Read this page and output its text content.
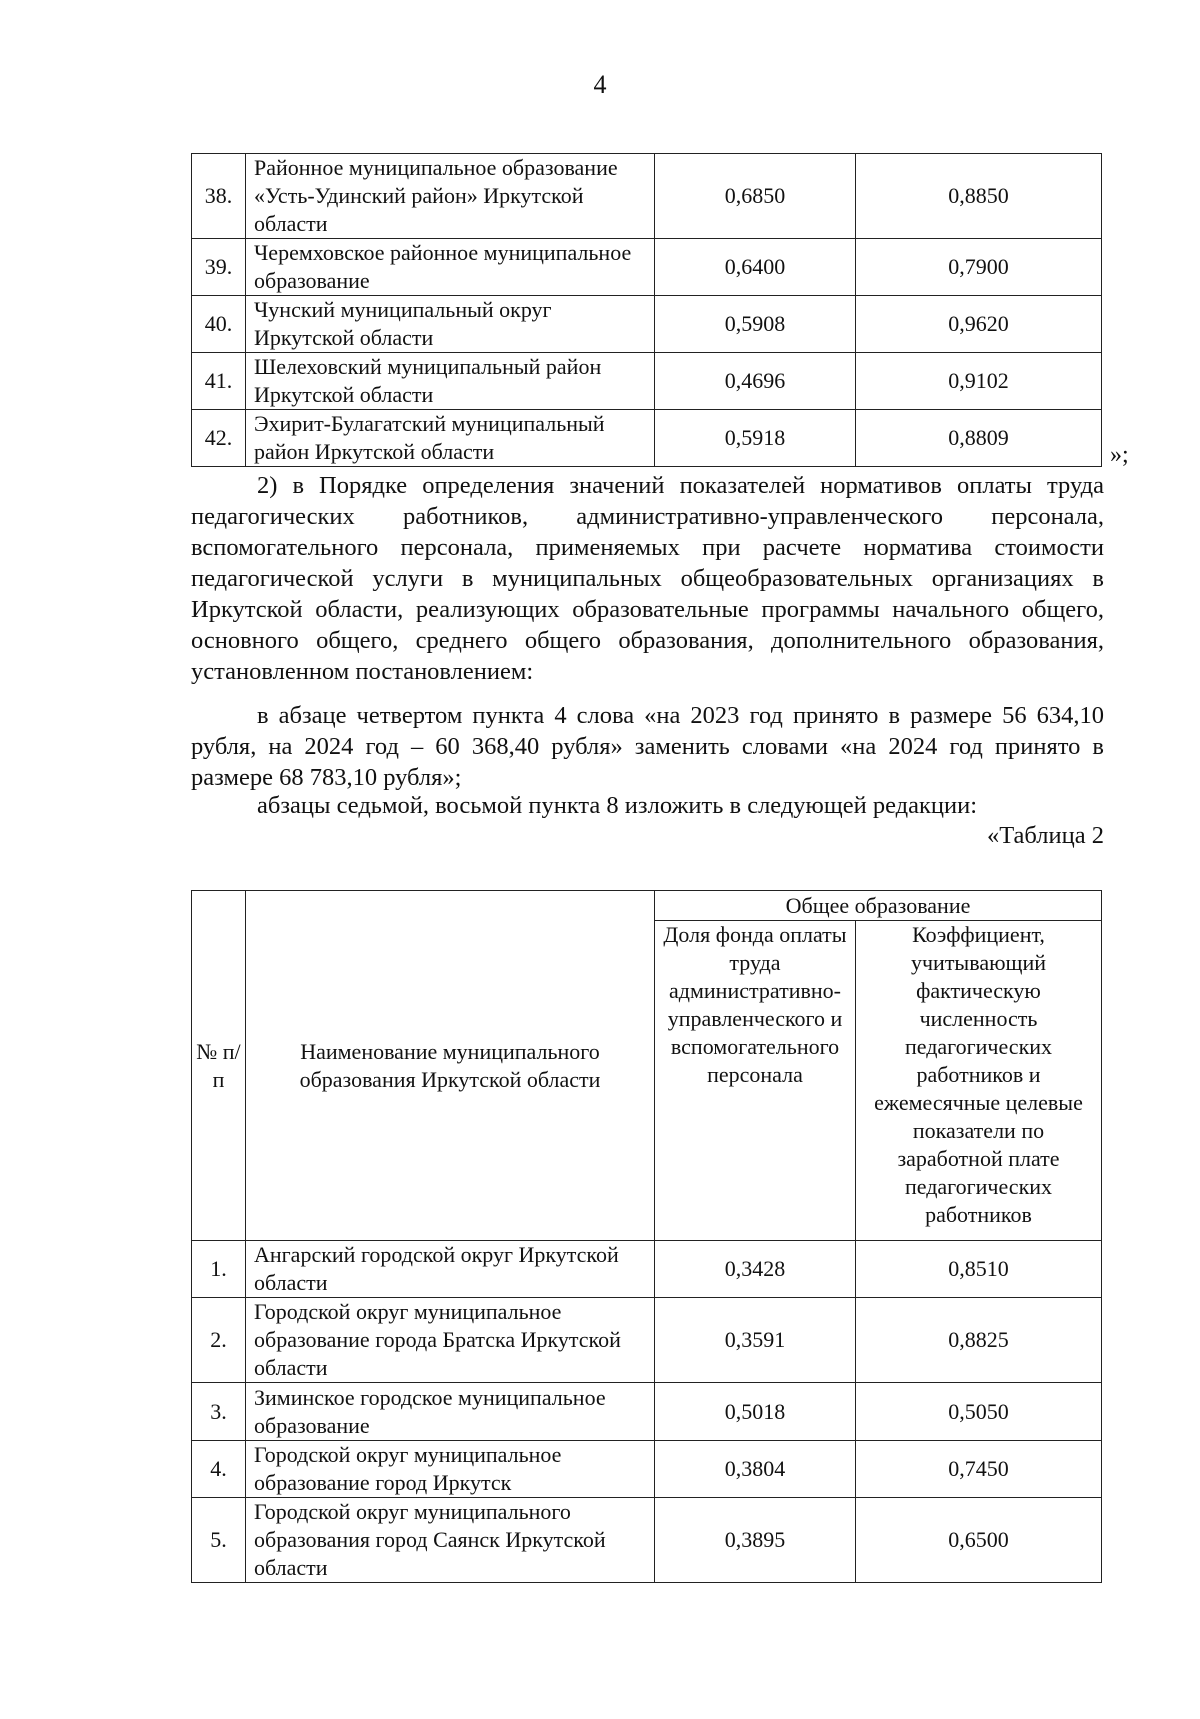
4
38.	Районное муниципальное образование «Усть-Удинский район» Иркутской области	0,6850	0,8850
39.	Черемховское районное муниципальное образование	0,6400	0,7900
40.	Чунский муниципальный округ Иркутской области	0,5908	0,9620
41.	Шелеховский муниципальный район Иркутской области	0,4696	0,9102
42.	Эхирит-Булагатский муниципальный район Иркутской области	0,5918	0,8809
»;

2) в Порядке определения значений показателей нормативов оплаты труда педагогических работников, административно-управленческого персонала, вспомогательного персонала, применяемых при расчете норматива стоимости педагогической услуги в муниципальных общеобразовательных организациях в Иркутской области, реализующих образовательные программы начального общего, основного общего, среднего общего образования, дополнительного образования, установленном постановлением:

в абзаце четвертом пункта 4 слова «на 2023 год принято в размере 56 634,10 рубля, на 2024 год – 60 368,40 рубля» заменить словами «на 2024 год принято в размере 68 783,10 рубля»;

абзацы седьмой, восьмой пункта 8 изложить в следующей редакции:

«Таблица 2
№ п/п	Наименование муниципального образования Иркутской области	Общее образование	
		Доля фонда оплаты труда административно-управленческого и вспомогательного персонала	Коэффициент, учитывающий фактическую численность педагогических работников и ежемесячные целевые показатели по заработной плате педагогических работников
1.	Ангарский городской округ Иркутской области	0,3428	0,8510
2.	Городской округ муниципальное образование города Братска Иркутской области	0,3591	0,8825
3.	Зиминское городское муниципальное образование	0,5018	0,5050
4.	Городской округ муниципальное образование город Иркутск	0,3804	0,7450
5.	Городской округ муниципального образования город Саянск Иркутской области	0,3895	0,6500
